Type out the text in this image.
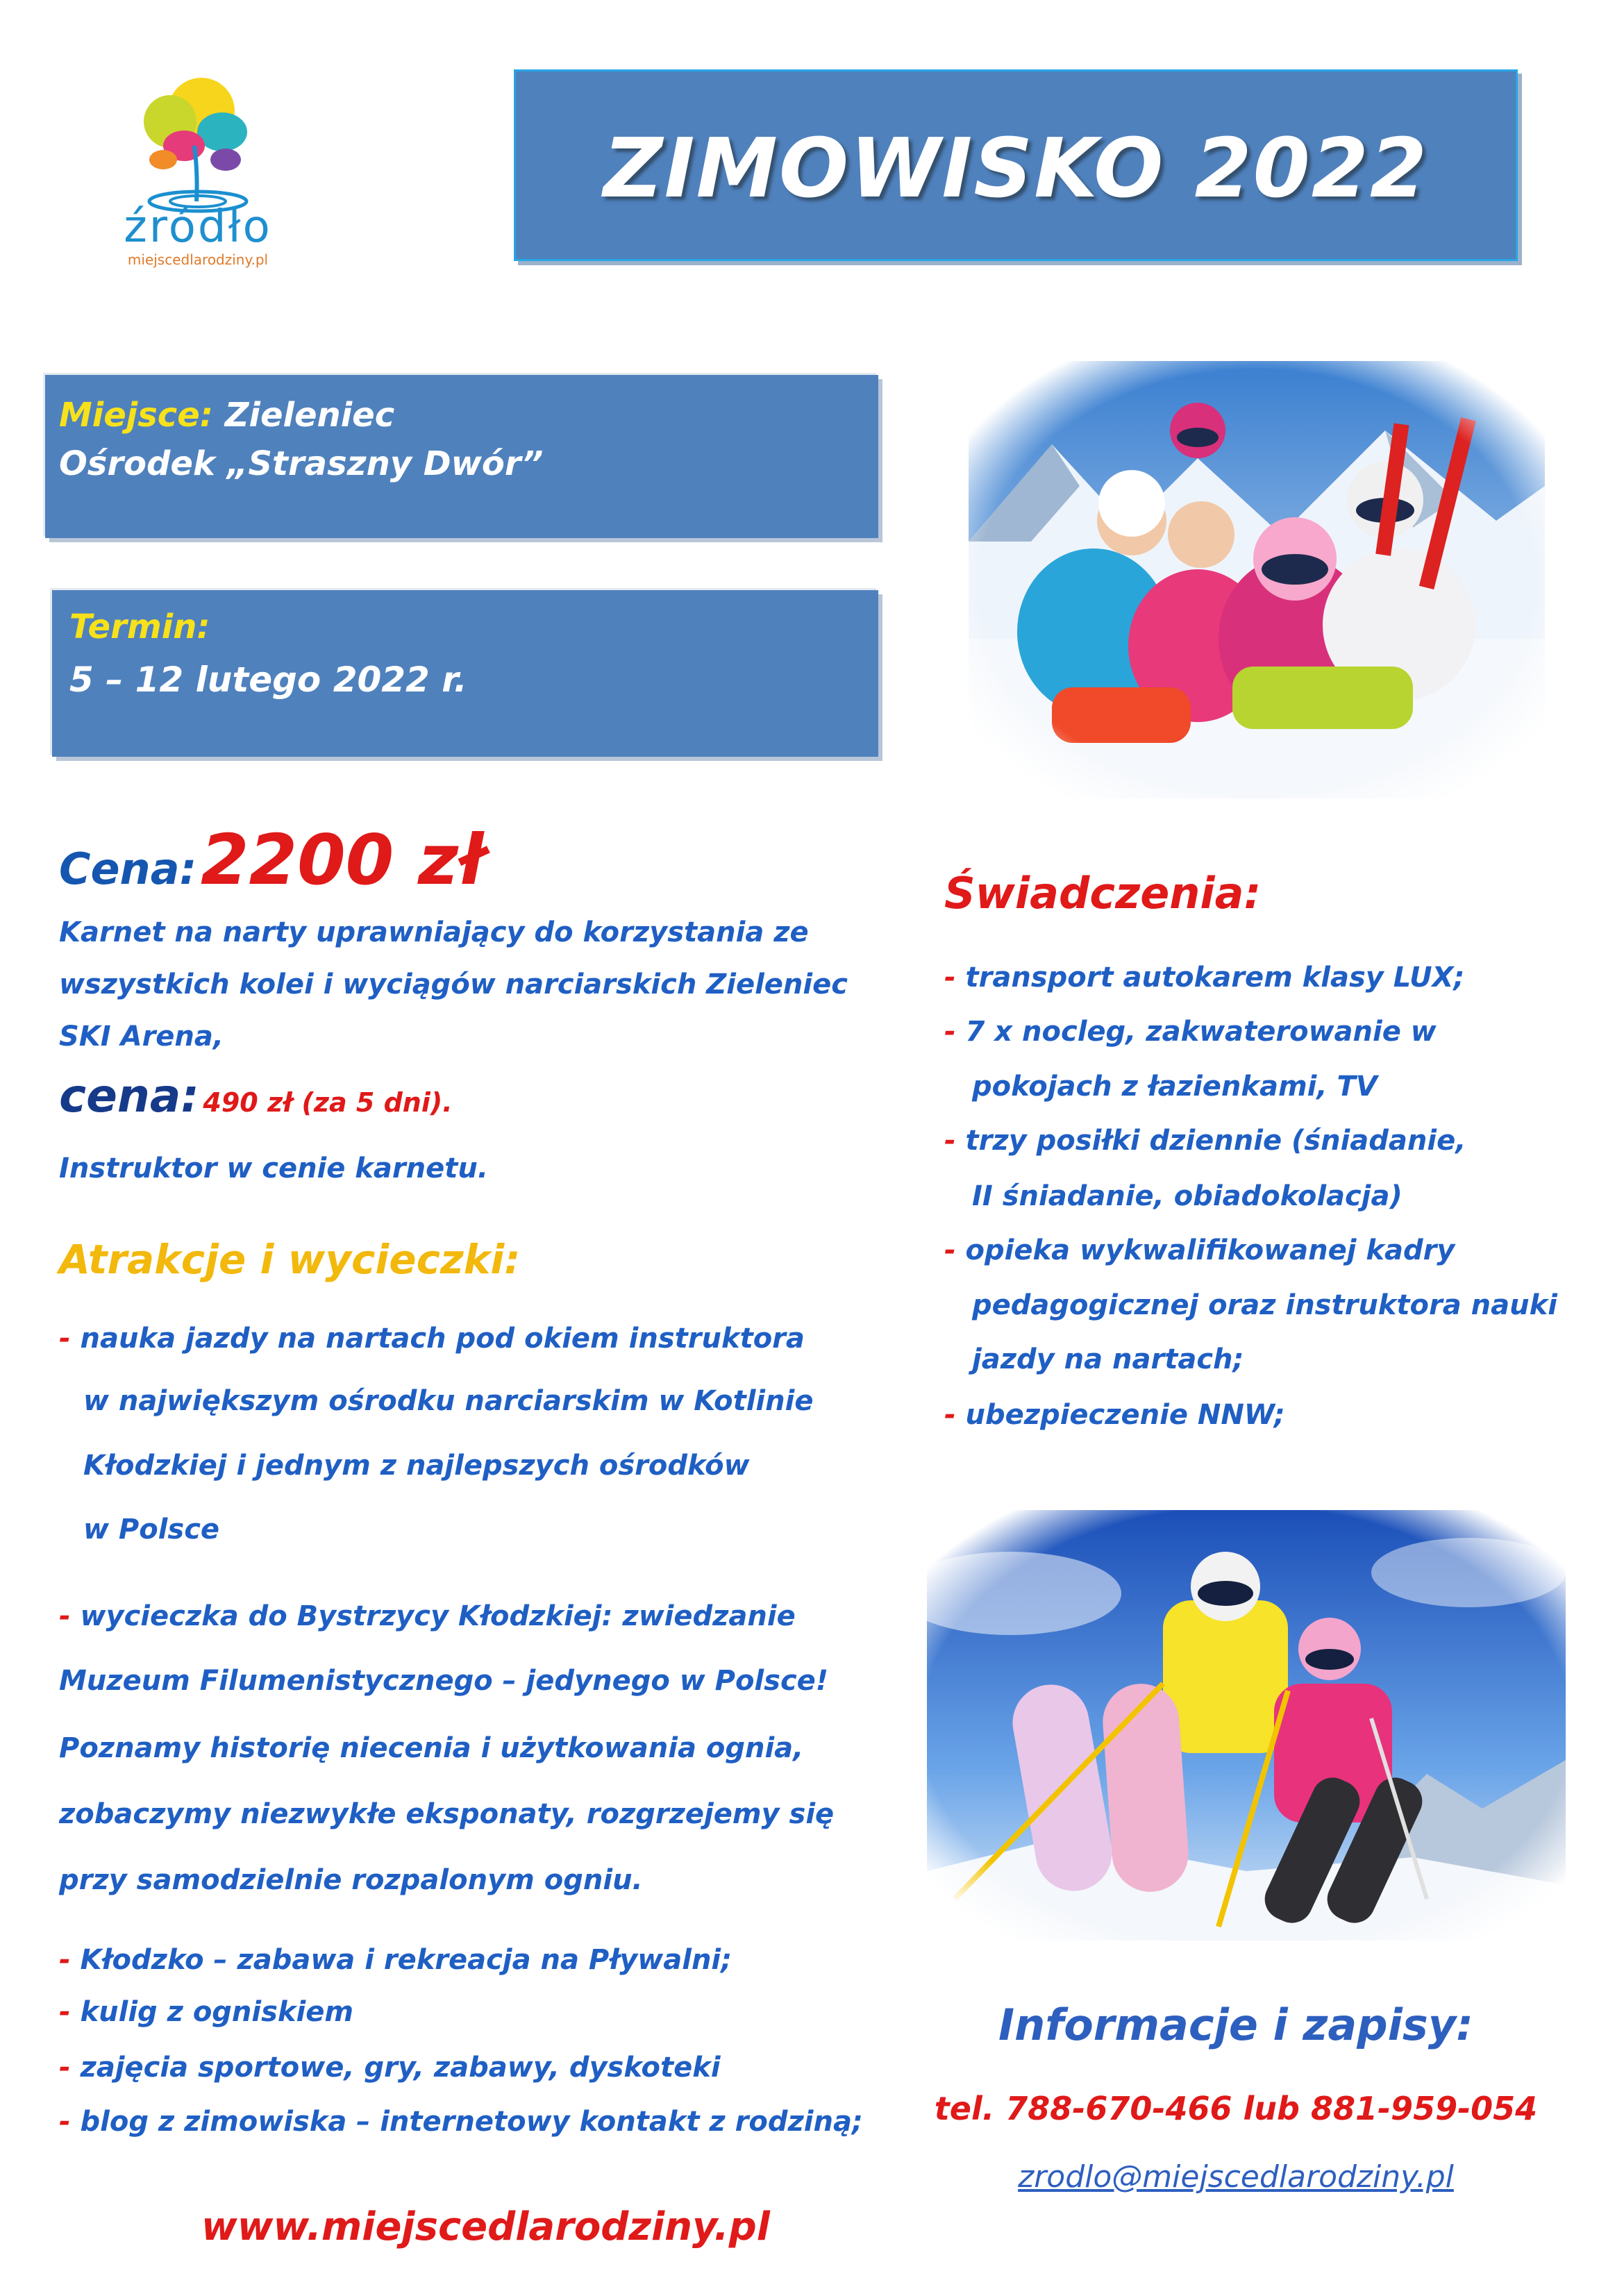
źródło
miejscedlarodziny.pl
ZIMOWISKO 2022
Miejsce: Zieleniec
Ośrodek „Straszny Dwór”
Termin:
5 – 12 lutego 2022 r.
Cena: 2200 zł
Karnet na narty uprawniający do korzystania ze
wszystkich kolei i wyciągów narciarskich Zieleniec
SKI Arena,
cena: 490 zł (za 5 dni).
Instruktor w cenie karnetu.
Atrakcje i wycieczki:
- nauka jazdy na nartach pod okiem instruktora
w największym ośrodku narciarskim w Kotlinie
Kłodzkiej i jednym z najlepszych ośrodków
w Polsce
- wycieczka do Bystrzycy Kłodzkiej: zwiedzanie
Muzeum Filumenistycznego – jedynego w Polsce!
Poznamy historię niecenia i użytkowania ognia,
zobaczymy niezwykłe eksponaty, rozgrzejemy się
przy samodzielnie rozpalonym ogniu.
- Kłodzko – zabawa i rekreacja na Pływalni;
- kulig z ogniskiem
- zajęcia sportowe, gry, zabawy, dyskoteki
- blog z zimowiska – internetowy kontakt z rodziną;
www.miejscedlarodziny.pl
Świadczenia:
- transport autokarem klasy LUX;
- 7 x nocleg, zakwaterowanie w
pokojach z łazienkami, TV
- trzy posiłki dziennie (śniadanie,
II śniadanie, obiadokolacja)
- opieka wykwalifikowanej kadry
pedagogicznej oraz instruktora nauki
jazdy na nartach;
- ubezpieczenie NNW;
Informacje i zapisy:
tel. 788-670-466 lub 881-959-054
zrodlo@miejscedlarodziny.pl
